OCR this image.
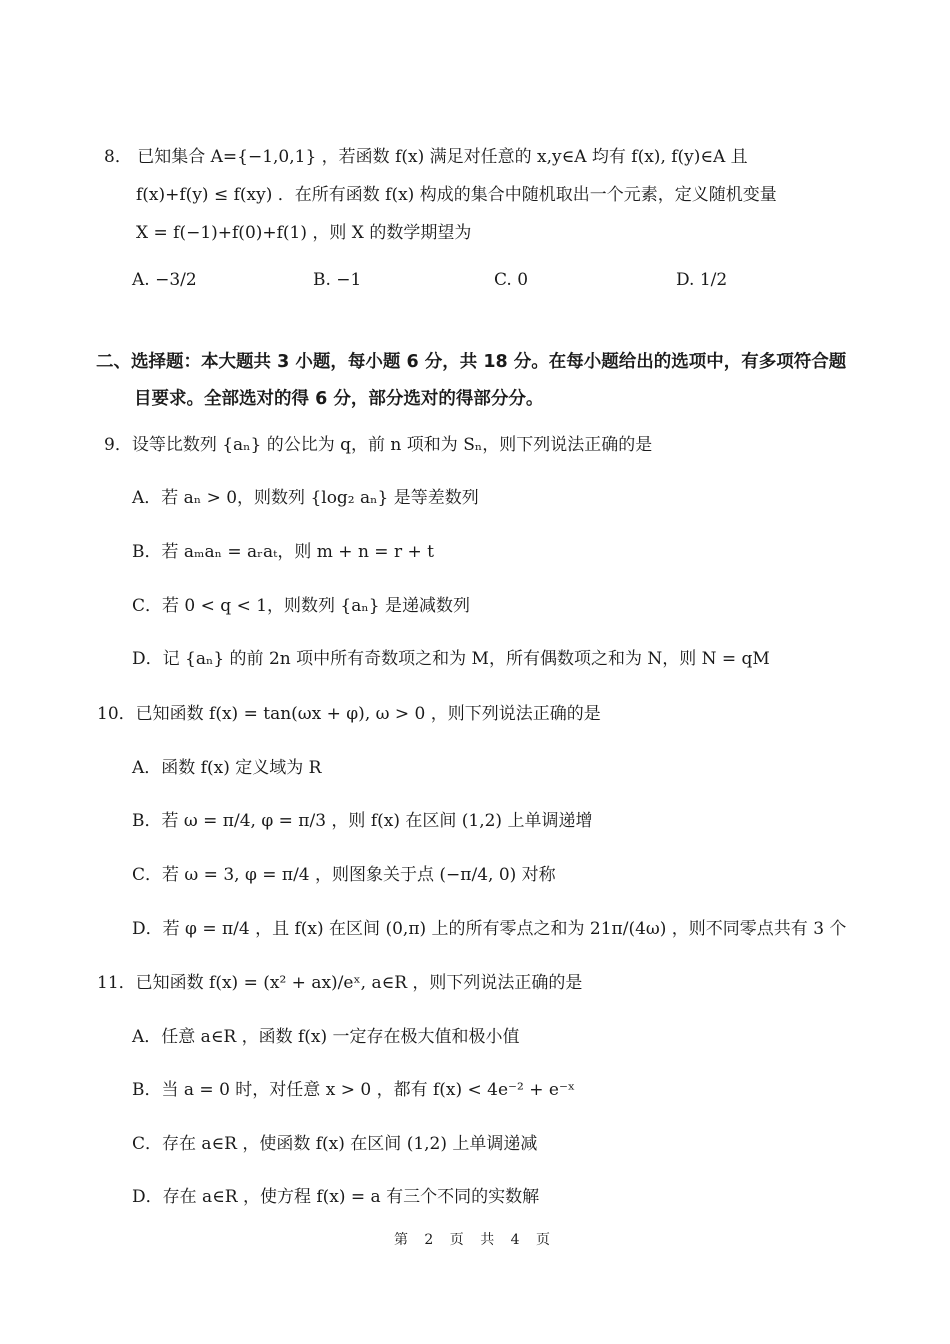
8． 已知集合 A={−1,0,1} ，若函数 f(x) 满足对任意的 x,y∈A 均有 f(x), f(y)∈A 且
f(x)+f(y) ≤ f(xy) ．在所有函数 f(x) 构成的集合中随机取出一个元素，定义随机变量
X = f(−1)+f(0)+f(1) ，则 X 的数学期望为
A. −3/2	B. −1	C. 0	D. 1/2
二、选择题：本大题共 3 小题，每小题 6 分，共 18 分。在每小题给出的选项中，有多项符合题
目要求。全部选对的得 6 分，部分选对的得部分分。
9．设等比数列 {aₙ} 的公比为 q，前 n 项和为 Sₙ，则下列说法正确的是
A．若 aₙ > 0，则数列 {log₂ aₙ} 是等差数列
B．若 aₘaₙ = aᵣaₜ，则 m + n = r + t
C．若 0 < q < 1，则数列 {aₙ} 是递减数列
D．记 {aₙ} 的前 2n 项中所有奇数项之和为 M，所有偶数项之和为 N，则 N = qM
10．已知函数 f(x) = tan(ωx + φ), ω > 0 ，则下列说法正确的是
A．函数 f(x) 定义域为 R
B．若 ω = π/4, φ = π/3 ，则 f(x) 在区间 (1,2) 上单调递增
C．若 ω = 3, φ = π/4 ，则图象关于点 (−π/4, 0) 对称
D．若 φ = π/4 ，且 f(x) 在区间 (0,π) 上的所有零点之和为 21π/(4ω) ，则不同零点共有 3 个
11．已知函数 f(x) = (x² + ax)/eˣ, a∈R ，则下列说法正确的是
A．任意 a∈R ，函数 f(x) 一定存在极大值和极小值
B．当 a = 0 时，对任意 x > 0 ，都有 f(x) < 4e⁻² + e⁻ˣ
C．存在 a∈R ，使函数 f(x) 在区间 (1,2) 上单调递减
D．存在 a∈R ，使方程 f(x) = a 有三个不同的实数解
第 2 页 共 4 页
